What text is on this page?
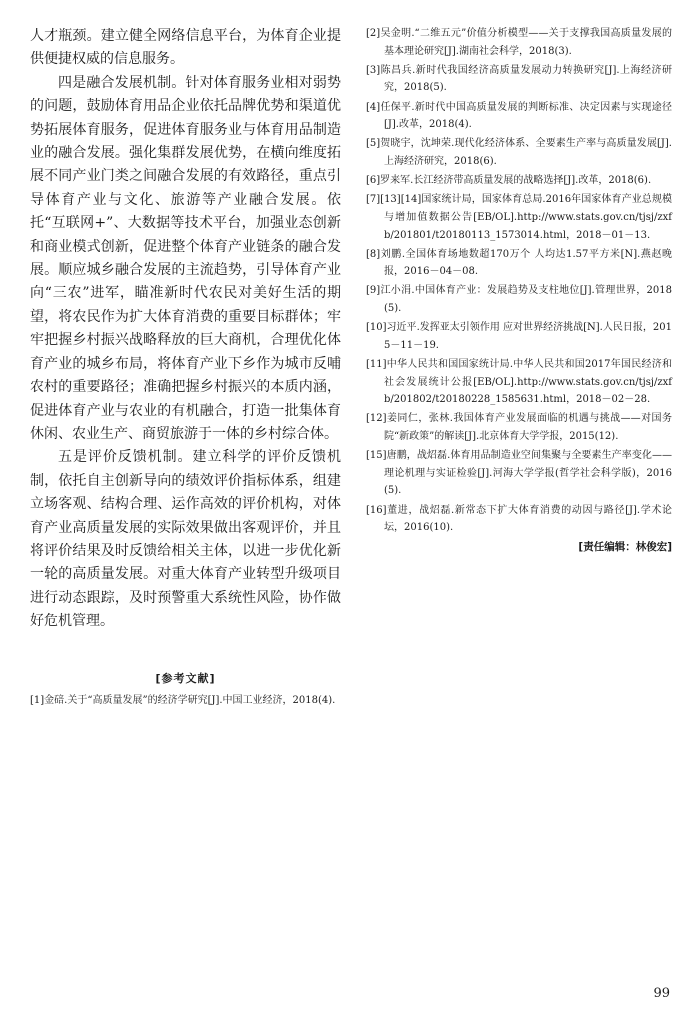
人才瓶颈。建立健全网络信息平台，为体育企业提供便捷权威的信息服务。

四是融合发展机制。针对体育服务业相对弱势的问题，鼓励体育用品企业依托品牌优势和渠道优势拓展体育服务，促进体育服务业与体育用品制造业的融合发展。强化集群发展优势，在横向维度拓展不同产业门类之间融合发展的有效路径，重点引导体育产业与文化、旅游等产业融合发展。依托“互联网+”、大数据等技术平台，加强业态创新和商业模式创新，促进整个体育产业链条的融合发展。顺应城乡融合发展的主流趋势，引导体育产业向“三农”进军，瞄准新时代农民对美好生活的期望，将农民作为扩大体育消费的重要目标群体；牢牢把握乡村振兴战略释放的巨大商机，合理优化体育产业的城乡布局，将体育产业下乡作为城市反哺农村的重要路径；准确把握乡村振兴的本质内涵，促进体育产业与农业的有机融合，打造一批集体育休闲、农业生产、商贸旅游于一体的乡村综合体。

五是评价反馈机制。建立科学的评价反馈机制，依托自主创新导向的绩效评价指标体系，组建立场客观、结构合理、运作高效的评价机构，对体育产业高质量发展的实际效果做出客观评价，并且将评价结果及时反馈给相关主体，以进一步优化新一轮的高质量发展。对重大体育产业转型升级项目进行动态跟踪，及时预警重大系统性风险，协作做好危机管理。

[参考文献]

[1]金碚.关于“高质量发展”的经济学研究[J].中国工业经济，2018(4).

[2]吴金明.“二维五元”价值分析模型——关于支撑我国高质量发展的基本理论研究[J].湖南社会科学，2018(3).

[3]陈昌兵.新时代我国经济高质量发展动力转换研究[J].上海经济研究，2018(5).

[4]任保平.新时代中国高质量发展的判断标准、决定因素与实现途径[J].改革，2018(4).

[5]贺晓宇，沈坤荣.现代化经济体系、全要素生产率与高质量发展[J].上海经济研究，2018(6).

[6]罗来军.长江经济带高质量发展的战略选择[J].改革，2018(6).

[7][13][14]国家统计局，国家体育总局.2016年国家体育产业总规模与增加值数据公告[EB/OL].http://www.stats.gov.cn/tjsj/zxfb/201801/t20180113_1573014.html，2018－01－13.

[8]刘鹏.全国体育场地数超170万个 人均达1.57平方米[N].燕赵晚报，2016－04－08.

[9]江小涓.中国体育产业：发展趋势及支柱地位[J].管理世界，2018(5).

[10]习近平.发挥亚太引领作用 应对世界经济挑战[N].人民日报，2015－11－19.

[11]中华人民共和国国家统计局.中华人民共和国2017年国民经济和社会发展统计公报[EB/OL].http://www.stats.gov.cn/tjsj/zxfb/201802/t20180228_1585631.html，2018－02－28.

[12]姜同仁，张林.我国体育产业发展面临的机遇与挑战——对国务院“新政策”的解读[J].北京体育大学学报，2015(12).

[15]唐鹏，战炤磊.体育用品制造业空间集聚与全要素生产率变化——理论机理与实证检验[J].河海大学学报(哲学社会科学版)，2016(5).

[16]董进，战炤磊.新常态下扩大体育消费的动因与路径[J].学术论坛，2016(10).

[责任编辑：林俊宏]
99
